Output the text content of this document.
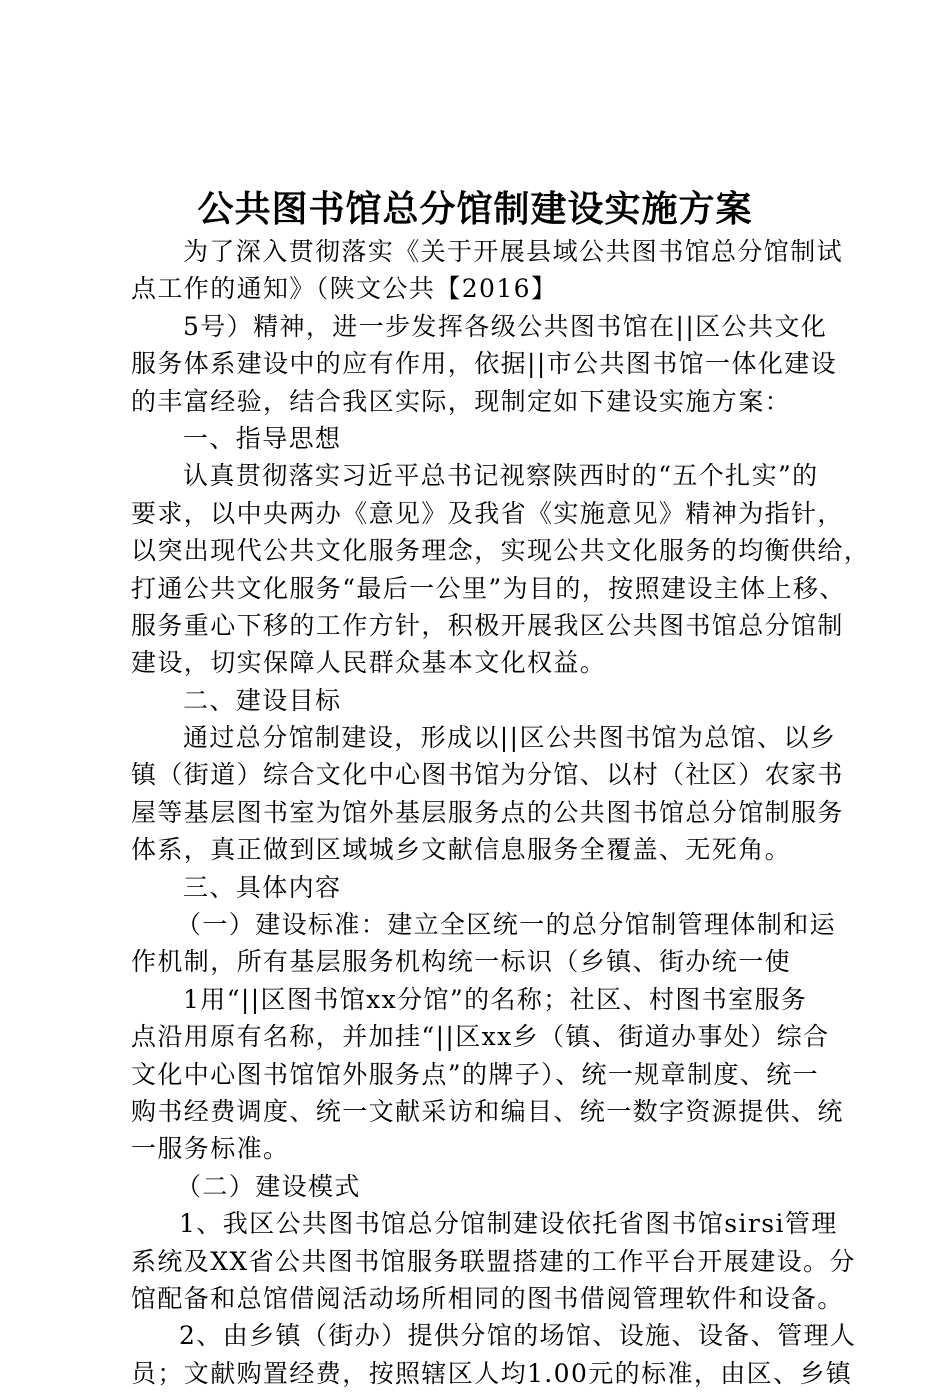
公共图书馆总分馆制建设实施方案
为了深入贯彻落实《关于开展县域公共图书馆总分馆制试
点工作的通知》（陕文公共【2016】
5号）精神，进一步发挥各级公共图书馆在||区公共文化
服务体系建设中的应有作用，依据||市公共图书馆一体化建设
的丰富经验，结合我区实际，现制定如下建设实施方案：
一、指导思想
认真贯彻落实习近平总书记视察陕西时的“五个扎实”的
要求，以中央两办《意见》及我省《实施意见》精神为指针，
以突出现代公共文化服务理念，实现公共文化服务的均衡供给，
打通公共文化服务“最后一公里”为目的，按照建设主体上移、
服务重心下移的工作方针，积极开展我区公共图书馆总分馆制
建设，切实保障人民群众基本文化权益。
二、建设目标
通过总分馆制建设，形成以||区公共图书馆为总馆、以乡
镇（街道）综合文化中心图书馆为分馆、以村（社区）农家书
屋等基层图书室为馆外基层服务点的公共图书馆总分馆制服务
体系，真正做到区域城乡文献信息服务全覆盖、无死角。
三、具体内容
（一）建设标准：建立全区统一的总分馆制管理体制和运
作机制，所有基层服务机构统一标识（乡镇、街办统一使
1用“||区图书馆xx分馆”的名称；社区、村图书室服务
点沿用原有名称，并加挂“||区xx乡（镇、街道办事处）综合
文化中心图书馆馆外服务点”的牌子）、统一规章制度、统一
购书经费调度、统一文献采访和编目、统一数字资源提供、统
一服务标准。
（二）建设模式
1、我区公共图书馆总分馆制建设依托省图书馆sirsi管理
系统及XX省公共图书馆服务联盟搭建的工作平台开展建设。分
馆配备和总馆借阅活动场所相同的图书借阅管理软件和设备。
2、由乡镇（街办）提供分馆的场馆、设施、设备、管理人
员；文献购置经费，按照辖区人均1.00元的标准，由区、乡镇
